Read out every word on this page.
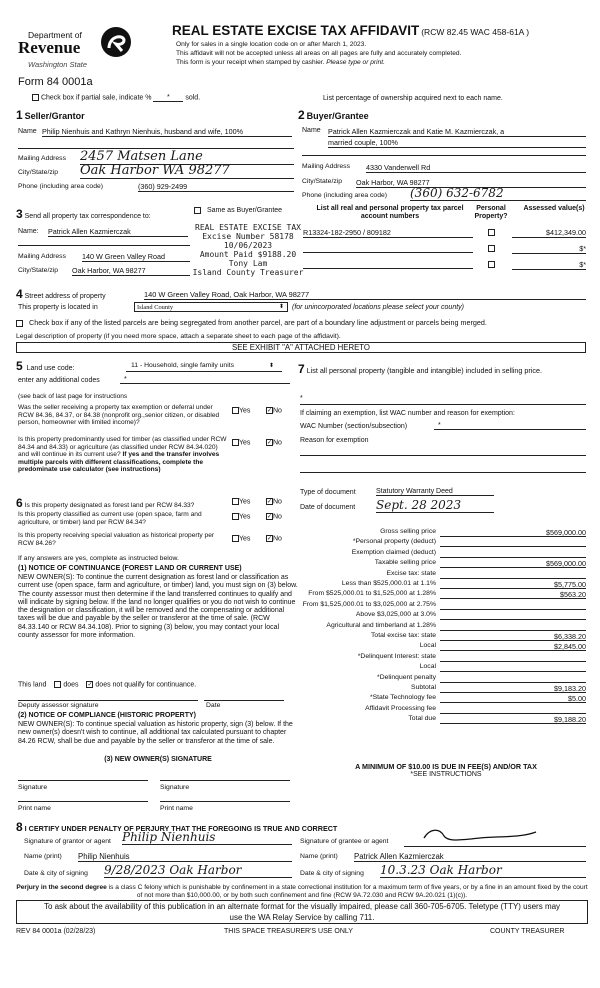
Department of
Revenue
Washington State
Form 84 0001a
REAL ESTATE EXCISE TAX AFFIDAVIT (RCW 82.45 WAC 458-61A )
Only for sales in a single location code on or after March 1, 2023.
This affidavit will not be accepted unless all areas on all pages are fully and accurately completed.
This form is your receipt when stamped by cashier. Please type or print.
Check box if partial sale, indicate % * sold.	List percentage of ownership acquired next to each name.
1 Seller/Grantor
Name Philip Nienhuis and Kathryn Nienhuis, husband and wife, 100%
Mailing Address 2457 Matsen Lane
City/State/zip Oak Harbor WA 98277
Phone (including area code)	(360) 929-2499
2 Buyer/Grantee
Name Patrick Allen Kazmierczak and Katie M. Kazmierczak, a
married couple, 100%
Mailing Address 4330 Vanderwell Rd
City/State/zip Oak Harbor, WA 98277
Phone (including area code) (360) 632-6782
3 Send all property tax correspondence to:
Same as Buyer/Grantee
Name: Patrick Allen Kazmierczak
Mailing Address 140 W Green Valley Road
City/State/zip Oak Harbor, WA 98277
REAL ESTATE EXCISE TAX
Excise Number 58178
10/06/2023
Amount Paid $9188.20
Tony Lam
Island County Treasurer
List all real and personal property tax parcel account numbers
Personal Property?
Assessed value(s)
R13324-182-2950 / 809182	$412,349.00
$*
$*
4 Street address of property	140 W Green Valley Road, Oak Harbor, WA 98277
This property is located in	Island County	⬍ (for unincorporated locations please select your county)
Check box if any of the listed parcels are being segregated from another parcel, are part of a boundary line adjustment or parcels being merged.
Legal description of property (if you need more space, attach a separate sheet to each page of the affidavit).
SEE EXHIBIT "A" ATTACHED HERETO
5 Land use code:	11 - Household, single family units	⬍
enter any additional codes	*
(see back of last page for instructions
Was the seller receiving a property tax exemption or deferral under RCW 84.36, 84.37, or 84.38 (nonprofit org.,senior citizen, or disabled person, homeowner with limited income)?
Yes	✓No
Is this property predominantly used for timber (as classified under RCW 84.34 and 84.33) or agriculture (as classified under RCW 84.34.020) and will continue in its current use? If yes and the transfer involves multiple parcels with different classifications, complete the predominate use calculator (see instructions)
Yes	✓No
6 Is this property designated as forest land per RCW 84.33?
Yes	✓No
Is this property classified as current use (open space, farm and agriculture, or timber) land per RCW 84.34?
Yes	✓No
Is this property receiving special valuation as historical property per RCW 84.26?
Yes	✓No
If any answers are yes, complete as instructed below.
(1) NOTICE OF CONTINUANCE (FOREST LAND OR CURRENT USE)
NEW OWNER(S): To continue the current designation as forest land or classification as current use (open space, farm and agriculture, or timber) land, you must sign on (3) below. The county assessor must then determine if the land transferred continues to qualify and will indicate by signing below. If the land no longer qualifies or you do not wish to continue the designation or classification, it will be removed and the compensating or additional taxes will be due and payable by the seller or transferor at the time of sale. (RCW 84.33.140 or RCW 84.34.108). Prior to signing (3) below, you may contact your local county assessor for more information.
This land does ✓ does not qualify for continuance.
Deputy assessor signature	Date
(2) NOTICE OF COMPLIANCE (HISTORIC PROPERTY)
NEW OWNER(S): To continue special valuation as historic property, sign (3) below. If the new owner(s) doesn't wish to continue, all additional tax calculated pursuant to chapter 84.26 RCW, shall be due and payable by the seller or transferor at the time of sale.
(3) NEW OWNER(S) SIGNATURE
Signature	Signature
Print name	Print name
7 List all personal property (tangible and intangible) included in selling price.
*
If claiming an exemption, list WAC number and reason for exemption:
WAC Number (section/subsection)	*
Reason for exemption
Type of document	Statutory Warranty Deed
Date of document Sept. 28 2023
Gross selling price	$569,000.00
*Personal property (deduct)
Exemption claimed (deduct)
Taxable selling price	$569,000.00
Excise tax: state
Less than $525,000.01 at 1.1%	$5,775.00
From $525,000.01 to $1,525,000 at 1.28%	$563.20
From $1,525,000.01 to $3,025,000 at 2.75%
Above $3,025,000 at 3.0%
Agricultural and timberland at 1.28%
Total excise tax: state	$6,338.20
Local	$2,845.00
*Delinquent Interest: state
Local
*Delinquent penalty
Subtotal	$9,183.20
*State Technology fee	$5.00
Affidavit Processing fee
Total due	$9,188.20
A MINIMUM OF $10.00 IS DUE IN FEE(S) AND/OR TAX
*SEE INSTRUCTIONS
8 I CERTIFY UNDER PENALTY OF PERJURY THAT THE FOREGOING IS TRUE AND CORRECT
Signature of grantor or agent Philip Nienhuis	Signature of grantee or agent
Name (print) Philip Nienhuis	Name (print) Patrick Allen Kazmierczak
Date & city of signing 9/28/2023 Oak Harbor	Date & city of signing 10.3.23 Oak Harbor
Perjury in the second degree is a class C felony which is punishable by confinement in a state correctional institution for a maximum term of five years, or by a fine in an amount fixed by the court of not more than $10,000.00, or by both such confinement and fine (RCW 9A.72.030 and RCW 9A.20.021 (1)(c)).
To ask about the availability of this publication in an alternate format for the visually impaired, please call 360-705-6705. Teletype (TTY) users may use the WA Relay Service by calling 711.
REV 84 0001a (02/28/23)	THIS SPACE TREASURER'S USE ONLY	COUNTY TREASURER
